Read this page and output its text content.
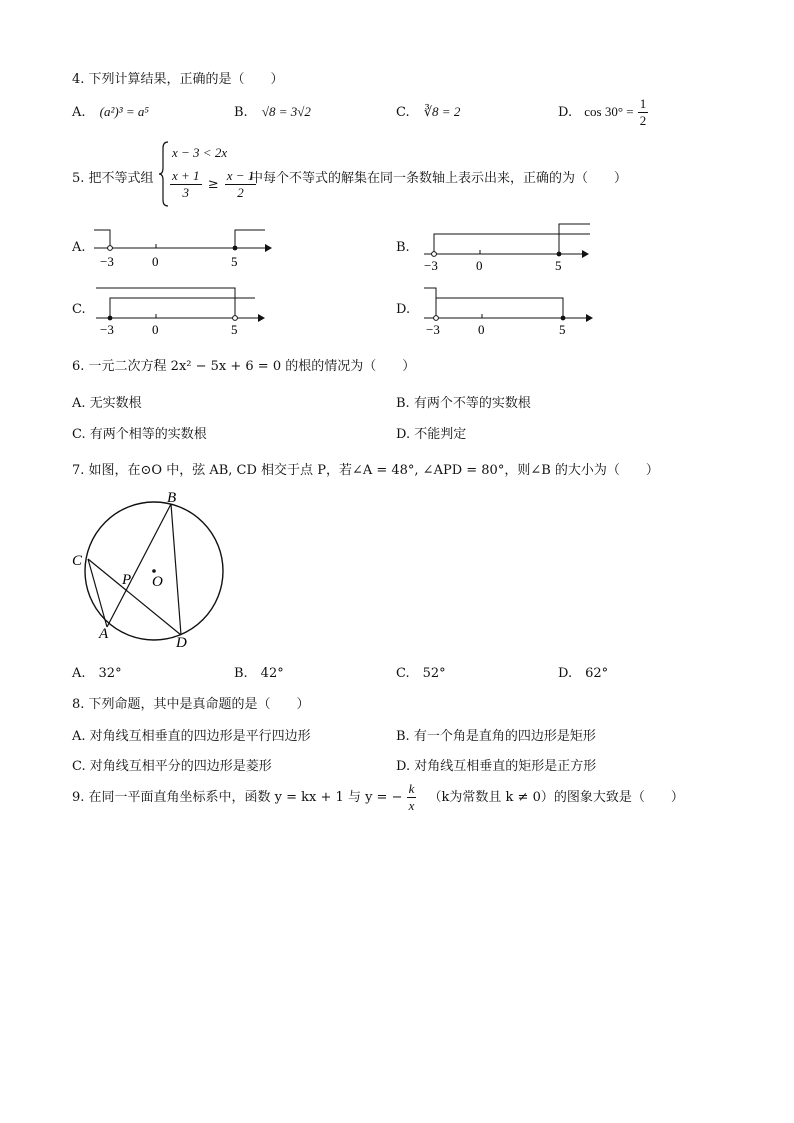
4. 下列计算结果，正确的是（　　）
A. (a²)³ = a⁵	B. √8 = 3√2	C. ∛8 = 2	D. $\cos 30^\circ = \frac{1}{2}$
5. 把不等式组
x − 3 < 2x
$\frac{x + 1}{3} \ge \frac{x - 1}{2}$
中每个不等式的解集在同一条数轴上表示出来，正确的为（　　）
A.
−3	0	5
B.
−3	0	5
C.
−3	0	5
D.
−3	0	5
6. 一元二次方程 2x² − 5x + 6 = 0 的根的情况为（　　）
A. 无实数根	B. 有两个不等的实数根
C. 有两个相等的实数根	D. 不能判定
7. 如图，在⊙O 中，弦 AB, CD 相交于点 P，若∠A = 48°, ∠APD = 80°，则∠B 的大小为（　　）
B
C
P O
A
D
A.　32°	B.　42°	C.　52°	D.　62°
8. 下列命题，其中是真命题的是（　　）
A. 对角线互相垂直的四边形是平行四边形	B. 有一个角是直角的四边形是矩形
C. 对角线互相平分的四边形是菱形	D. 对角线互相垂直的矩形是正方形
9. 在同一平面直角坐标系中，函数 y = kx + 1 与 y = − $\frac{k}{x} (k$为常数且 k ≠ 0）的图象大致是（　　）
